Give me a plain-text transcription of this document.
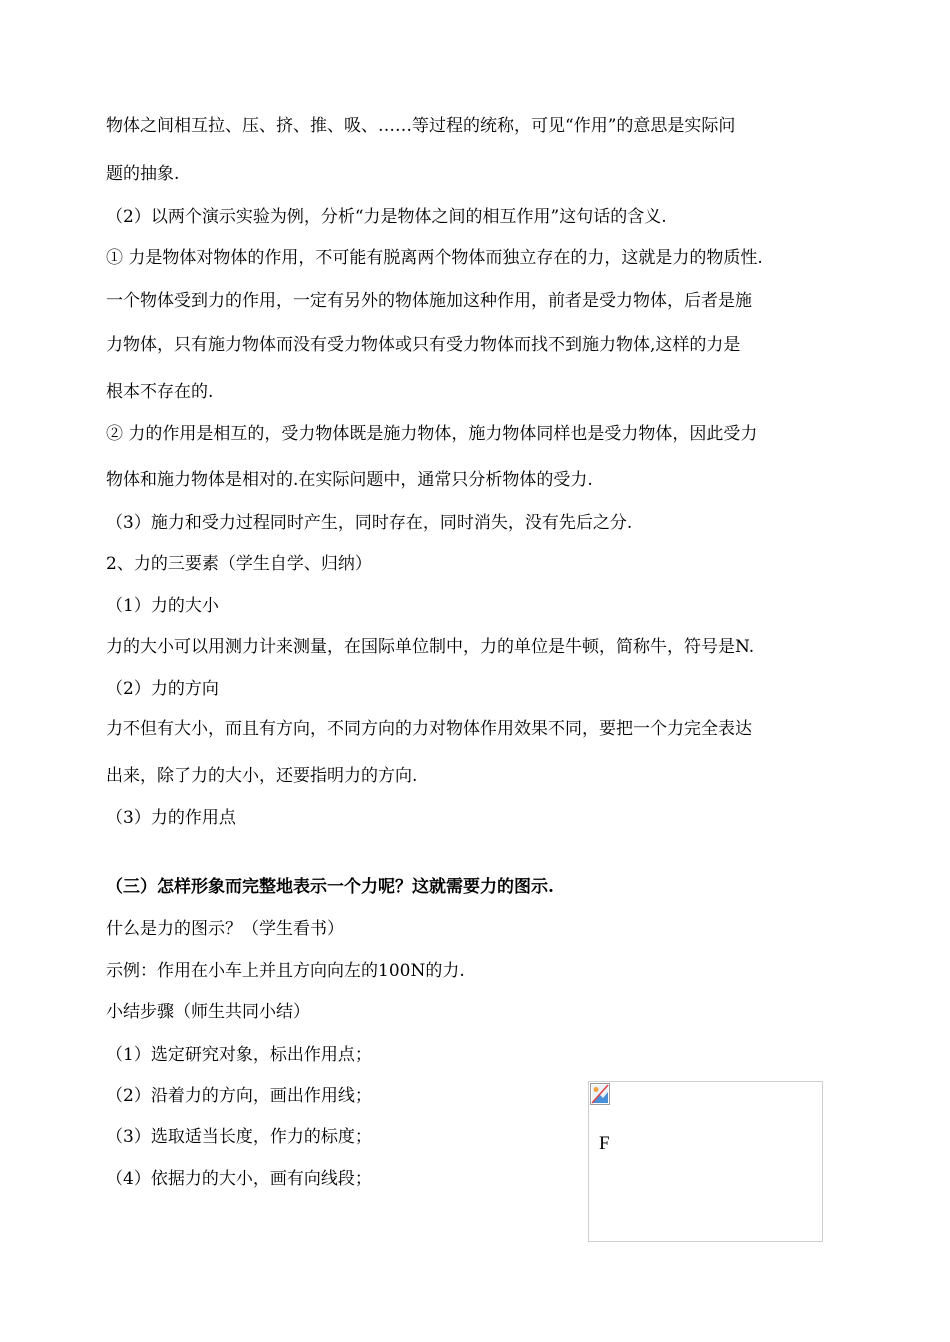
物体之间相互拉、压、挤、推、吸、……等过程的统称，可见“作用”的意思是实际问
题的抽象.
（2）以两个演示实验为例，分析“力是物体之间的相互作用”这句话的含义.
① 力是物体对物体的作用，不可能有脱离两个物体而独立存在的力，这就是力的物质性.
一个物体受到力的作用，一定有另外的物体施加这种作用，前者是受力物体，后者是施
力物体，只有施力物体而没有受力物体或只有受力物体而找不到施力物体,这样的力是
根本不存在的.
② 力的作用是相互的，受力物体既是施力物体，施力物体同样也是受力物体，因此受力
物体和施力物体是相对的.在实际问题中，通常只分析物体的受力.
（3）施力和受力过程同时产生，同时存在，同时消失，没有先后之分.
2、力的三要素（学生自学、归纳）
（1）力的大小
力的大小可以用测力计来测量，在国际单位制中，力的单位是牛顿，简称牛，符号是N.
（2）力的方向
力不但有大小，而且有方向，不同方向的力对物体作用效果不同，要把一个力完全表达
出来，除了力的大小，还要指明力的方向.
（3）力的作用点
（三）怎样形象而完整地表示一个力呢？这就需要力的图示.
什么是力的图示？（学生看书）
示例：作用在小车上并且方向向左的100N的力.
小结步骤（师生共同小结）
（1）选定研究对象，标出作用点；
（2）沿着力的方向，画出作用线；
（3）选取适当长度，作力的标度；
（4）依据力的大小，画有向线段；
F
